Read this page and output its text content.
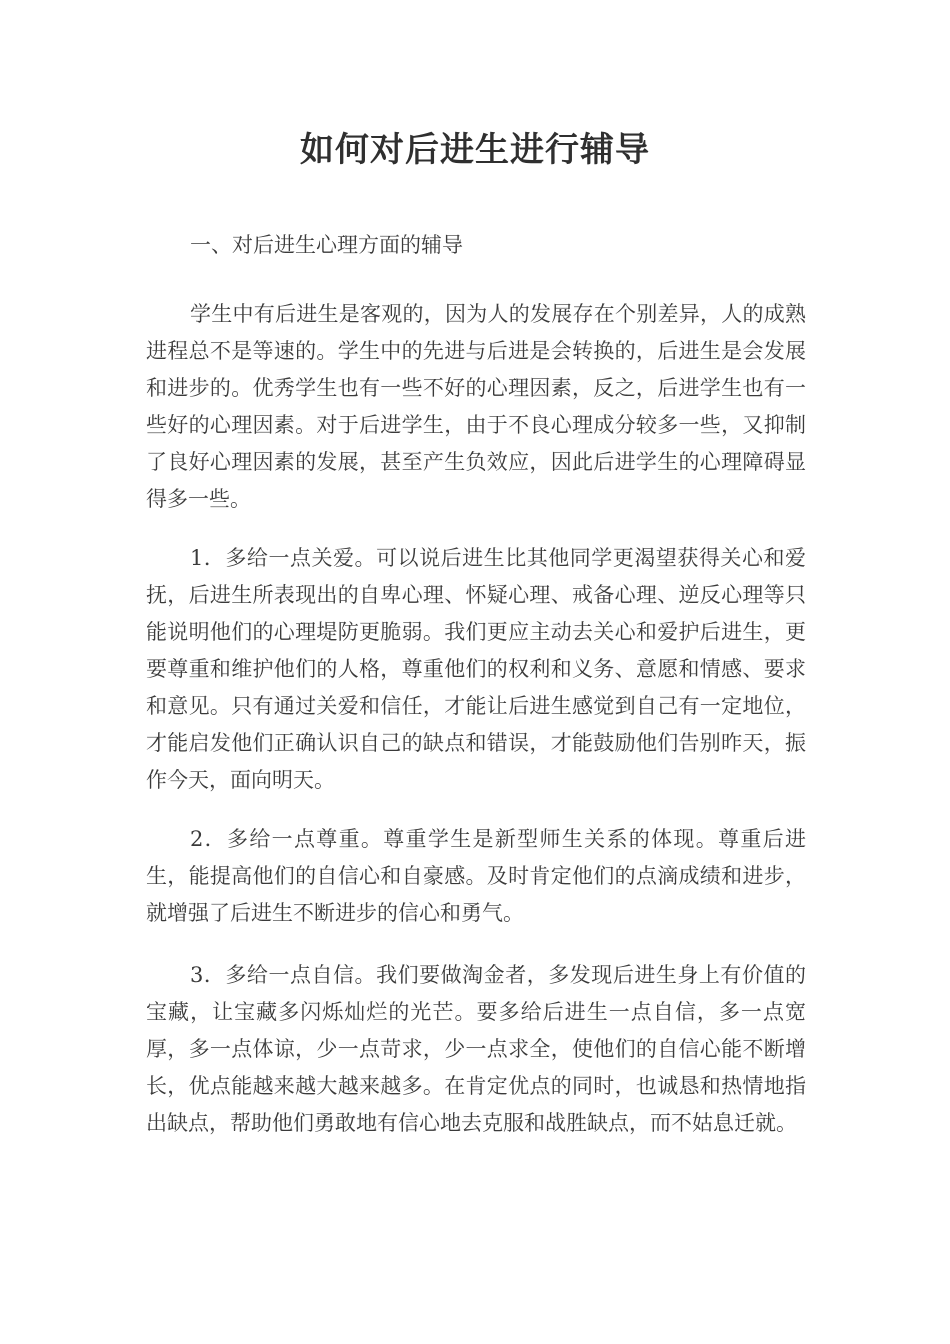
如何对后进生进行辅导

一、对后进生心理方面的辅导

学生中有后进生是客观的，因为人的发展存在个别差异，人的成熟进程总不是等速的。学生中的先进与后进是会转换的，后进生是会发展和进步的。优秀学生也有一些不好的心理因素，反之，后进学生也有一些好的心理因素。对于后进学生，由于不良心理成分较多一些，又抑制了良好心理因素的发展，甚至产生负效应，因此后进学生的心理障碍显得多一些。

1．多给一点关爱。可以说后进生比其他同学更渴望获得关心和爱抚，后进生所表现出的自卑心理、怀疑心理、戒备心理、逆反心理等只能说明他们的心理堤防更脆弱。我们更应主动去关心和爱护后进生，更要尊重和维护他们的人格，尊重他们的权利和义务、意愿和情感、要求和意见。只有通过关爱和信任，才能让后进生感觉到自己有一定地位，才能启发他们正确认识自己的缺点和错误，才能鼓励他们告别昨天，振作今天，面向明天。

2．多给一点尊重。尊重学生是新型师生关系的体现。尊重后进生，能提高他们的自信心和自豪感。及时肯定他们的点滴成绩和进步，就增强了后进生不断进步的信心和勇气。

3．多给一点自信。我们要做淘金者，多发现后进生身上有价值的宝藏，让宝藏多闪烁灿烂的光芒。要多给后进生一点自信，多一点宽厚，多一点体谅，少一点苛求，少一点求全，使他们的自信心能不断增长，优点能越来越大越来越多。在肯定优点的同时，也诚恳和热情地指出缺点，帮助他们勇敢地有信心地去克服和战胜缺点，而不姑息迁就。
